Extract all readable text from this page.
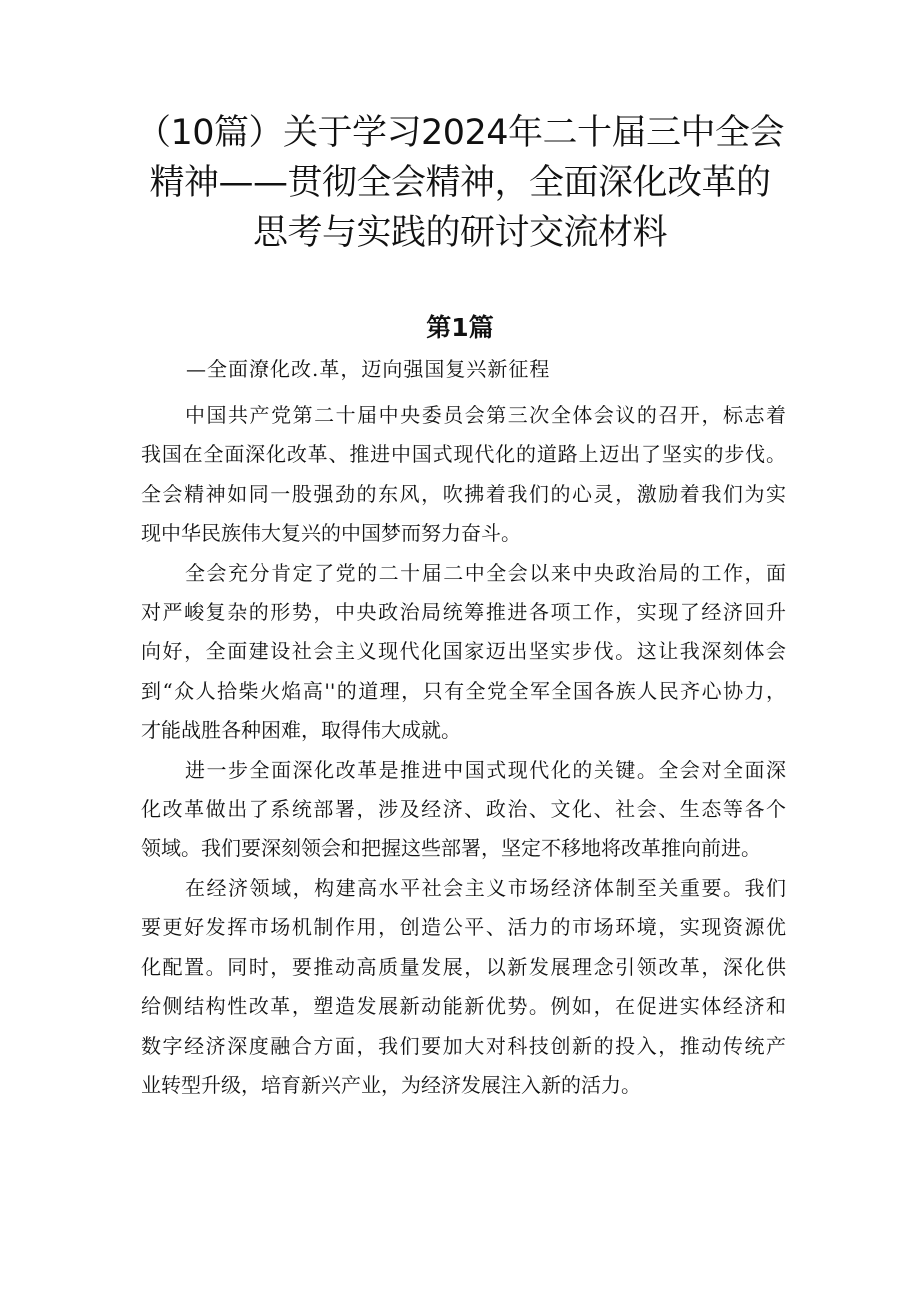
（10篇）关于学习2024年二十届三中全会
精神——贯彻全会精神，全面深化改革的
思考与实践的研讨交流材料
第1篇
—全面潦化改.革，迈向强国复兴新征程

中国共产党第二十届中央委员会第三次全体会议的召开，标志着
我国在全面深化改革、推进中国式现代化的道路上迈出了坚实的步伐。
全会精神如同一股强劲的东风，吹拂着我们的心灵，激励着我们为实
现中华民族伟大复兴的中国梦而努力奋斗。

全会充分肯定了党的二十届二中全会以来中央政治局的工作，面
对严峻复杂的形势，中央政治局统筹推进各项工作，实现了经济回升
向好，全面建设社会主义现代化国家迈出坚实步伐。这让我深刻体会
到“众人拾柴火焰高''的道理，只有全党全军全国各族人民齐心协力，
才能战胜各种困难，取得伟大成就。

进一步全面深化改革是推进中国式现代化的关键。全会对全面深
化改革做出了系统部署，涉及经济、政治、文化、社会、生态等各个
领域。我们要深刻领会和把握这些部署，坚定不移地将改革推向前进。

在经济领域，构建高水平社会主义市场经济体制至关重要。我们
要更好发挥市场机制作用，创造公平、活力的市场环境，实现资源优
化配置。同时，要推动高质量发展，以新发展理念引领改革，深化供
给侧结构性改革，塑造发展新动能新优势。例如，在促进实体经济和
数字经济深度融合方面，我们要加大对科技创新的投入，推动传统产
业转型升级，培育新兴产业，为经济发展注入新的活力。
